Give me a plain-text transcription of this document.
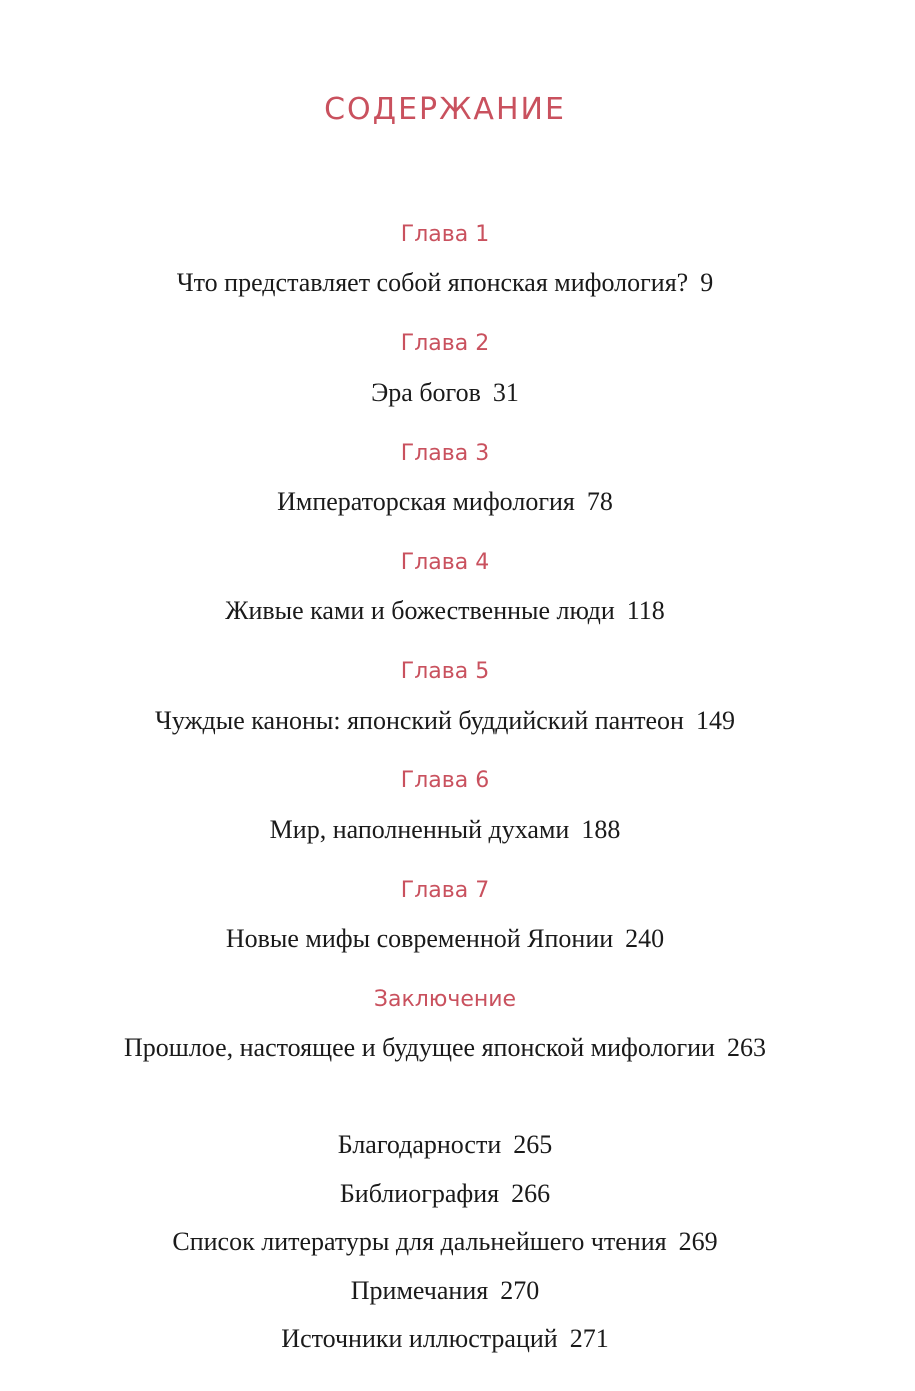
СОДЕРЖАНИЕ
Глава 1
Что представляет собой японская мифология? 9
Глава 2
Эра богов 31
Глава 3
Императорская мифология 78
Глава 4
Живые ками и божественные люди 118
Глава 5
Чуждые каноны: японский буддийский пантеон 149
Глава 6
Мир, наполненный духами 188
Глава 7
Новые мифы современной Японии 240
Заключение
Прошлое, настоящее и будущее японской мифологии 263
Благодарности 265
Библиография 266
Список литературы для дальнейшего чтения 269
Примечания 270
Источники иллюстраций 271
